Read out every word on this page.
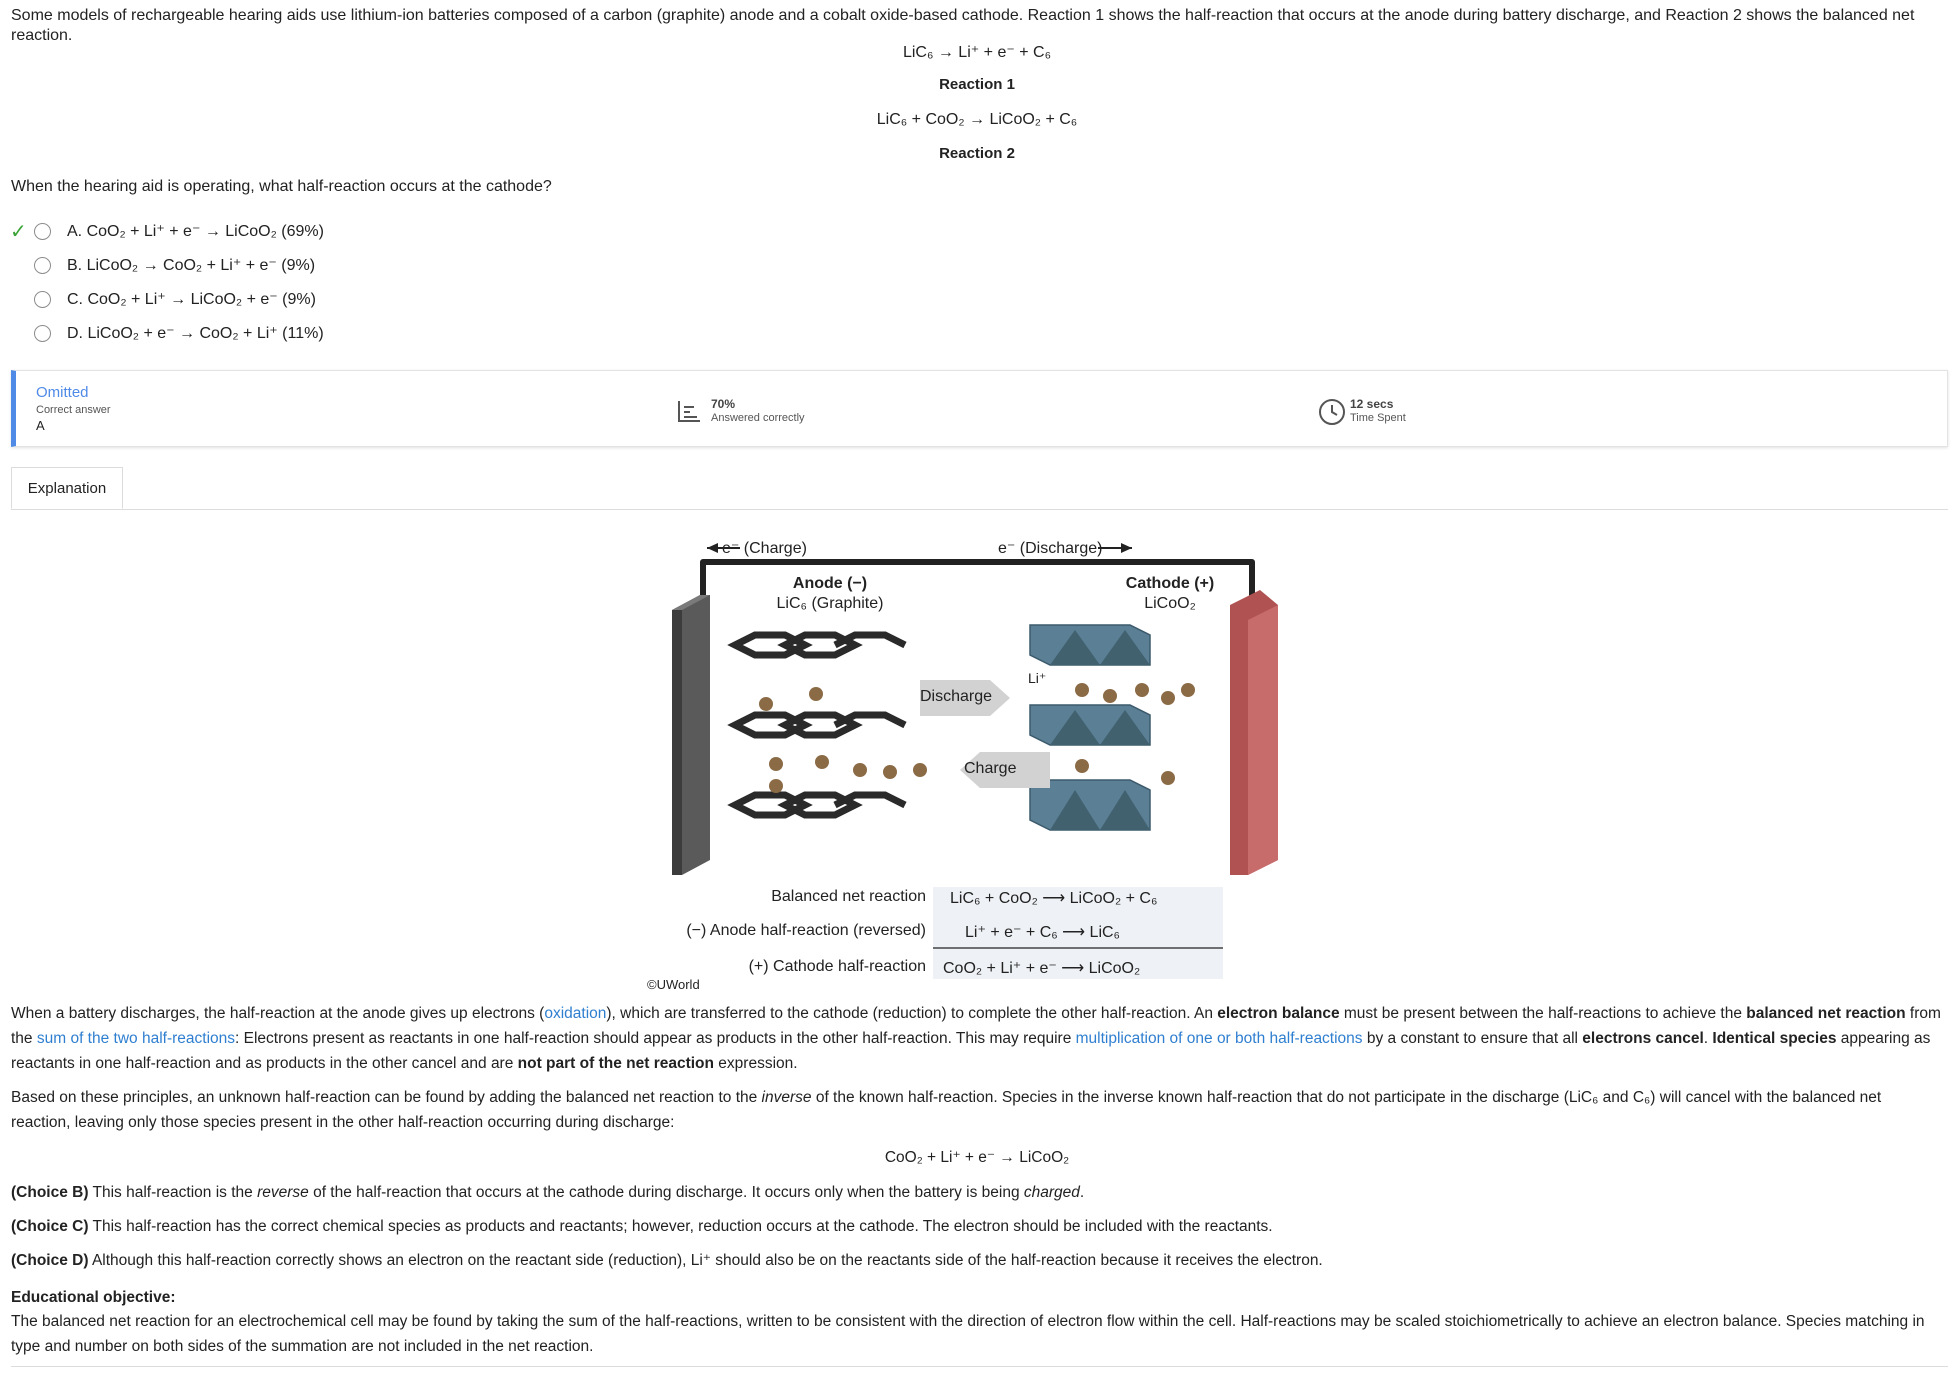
Some models of rechargeable hearing aids use lithium-ion batteries composed of a carbon (graphite) anode and a cobalt oxide-based cathode. Reaction 1 shows the half-reaction that occurs at the anode during battery discharge, and Reaction 2 shows the balanced net reaction.
LiC₆ → Li⁺ + e⁻ + C₆
Reaction 1
LiC₆ + CoO₂ → LiCoO₂ + C₆
Reaction 2
When the hearing aid is operating, what half-reaction occurs at the cathode?
✓	A. CoO₂ + Li⁺ + e⁻ → LiCoO₂ (69%)
B. LiCoO₂ → CoO₂ + Li⁺ + e⁻ (9%)
C. CoO₂ + Li⁺ → LiCoO₂ + e⁻ (9%)
D. LiCoO₂ + e⁻ → CoO₂ + Li⁺ (11%)
Omitted
Correct answer
A
70%
Answered correctly
12 secs
Time Spent
Explanation
e⁻ (Charge)	e⁻ (Discharge)
Anode (−)
LiC₆ (Graphite)
Cathode (+)
LiCoO₂
Discharge
Charge
Li⁺
Balanced net reaction LiC₆ + CoO₂ ⟶ LiCoO₂ + C₆
(−) Anode half-reaction (reversed) Li⁺ + e⁻ + C₆ ⟶ LiC₆
(+) Cathode half-reaction CoO₂ + Li⁺ + e⁻ ⟶ LiCoO₂
©UWorld
When a battery discharges, the half-reaction at the anode gives up electrons (oxidation), which are transferred to the cathode (reduction) to complete the other half-reaction. An electron balance must be present between the half-reactions to achieve the balanced net reaction from the sum of the two half-reactions: Electrons present as reactants in one half-reaction should appear as products in the other half-reaction. This may require multiplication of one or both half-reactions by a constant to ensure that all electrons cancel. Identical species appearing as reactants in one half-reaction and as products in the other cancel and are not part of the net reaction expression.
Based on these principles, an unknown half-reaction can be found by adding the balanced net reaction to the inverse of the known half-reaction. Species in the inverse known half-reaction that do not participate in the discharge (LiC₆ and C₆) will cancel with the balanced net reaction, leaving only those species present in the other half-reaction occurring during discharge:
CoO₂ + Li⁺ + e⁻ → LiCoO₂
(Choice B) This half-reaction is the reverse of the half-reaction that occurs at the cathode during discharge. It occurs only when the battery is being charged.
(Choice C) This half-reaction has the correct chemical species as products and reactants; however, reduction occurs at the cathode. The electron should be included with the reactants.
(Choice D) Although this half-reaction correctly shows an electron on the reactant side (reduction), Li⁺ should also be on the reactants side of the half-reaction because it receives the electron.
Educational objective:
The balanced net reaction for an electrochemical cell may be found by taking the sum of the half-reactions, written to be consistent with the direction of electron flow within the cell. Half-reactions may be scaled stoichiometrically to achieve an electron balance. Species matching in type and number on both sides of the summation are not included in the net reaction.
